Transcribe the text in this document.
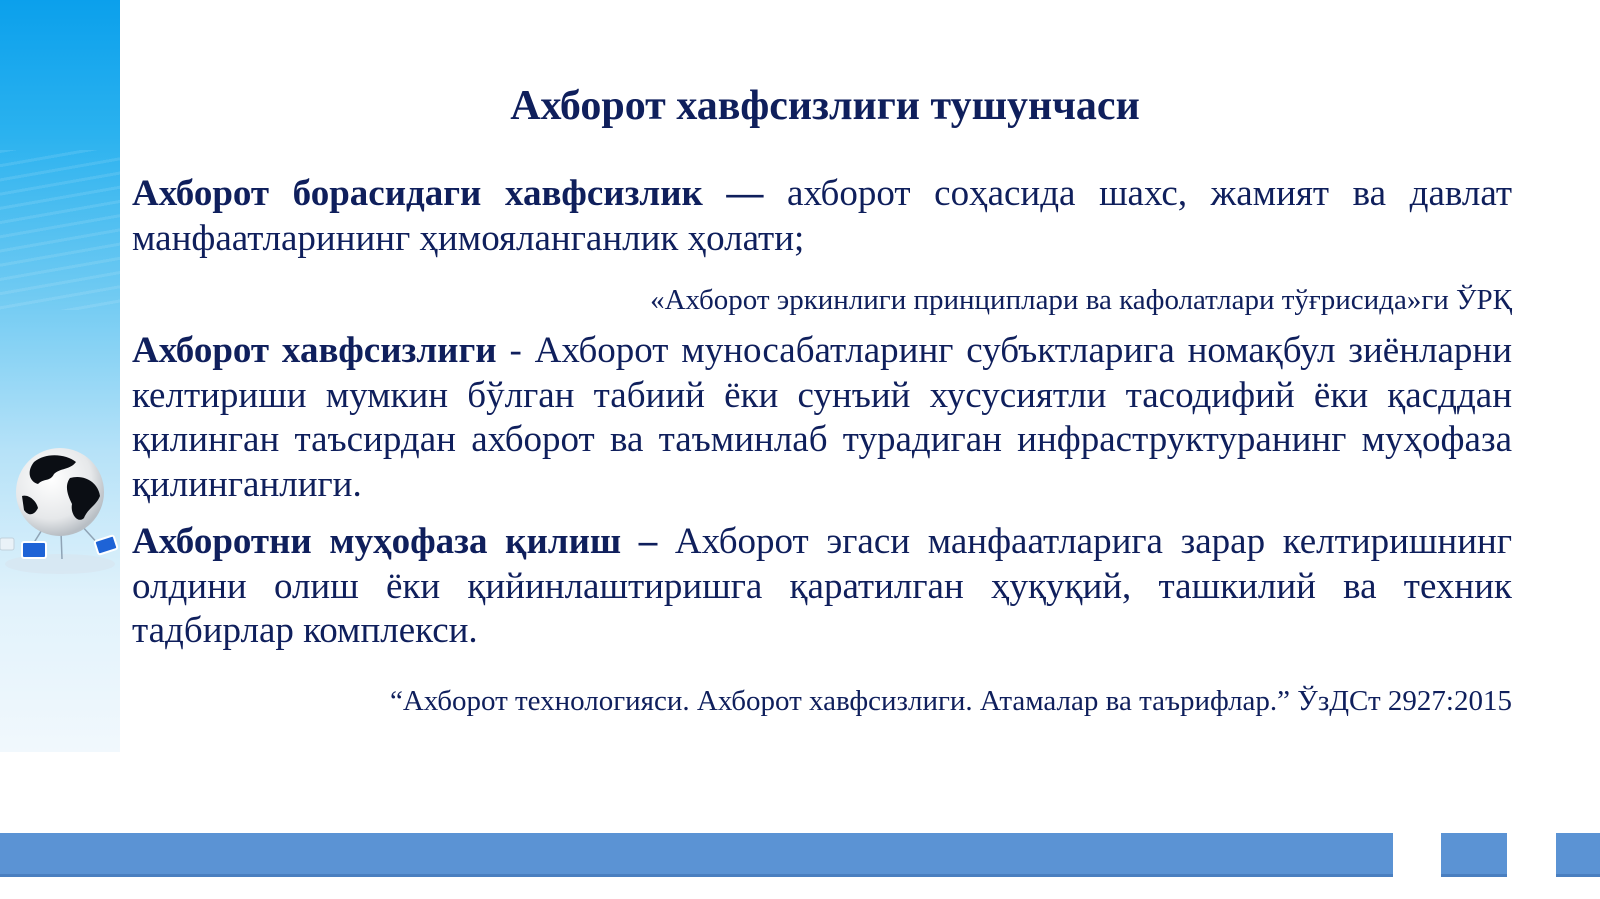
Ахборот хавфсизлиги тушунчаси
Ахборот борасидаги хавфсизлик — ахборот соҳасида шахс, жамият ва давлат манфаатларининг ҳимояланганлик ҳолати;
«Ахборот эркинлиги принциплари ва кафолатлари тўғрисида»ги ЎРҚ
Ахборот хавфсизлиги - Ахборот муносабатларинг субъктларига номақбул зиёнларни келтириши мумкин бўлган табиий ёки сунъий хусусиятли тасодифий ёки қасддан қилинган таъсирдан ахборот ва таъминлаб турадиган инфраструктуранинг муҳофаза қилинганлиги.
Ахборотни муҳофаза қилиш – Ахборот эгаси манфаатларига зарар келтиришнинг олдини олиш ёки қийинлаштиришга қаратилган ҳуқуқий, ташкилий ва техник тадбирлар комплекси.
“Ахборот технологияси. Ахборот хавфсизлиги. Атамалар ва таърифлар.” ЎзДСт 2927:2015
